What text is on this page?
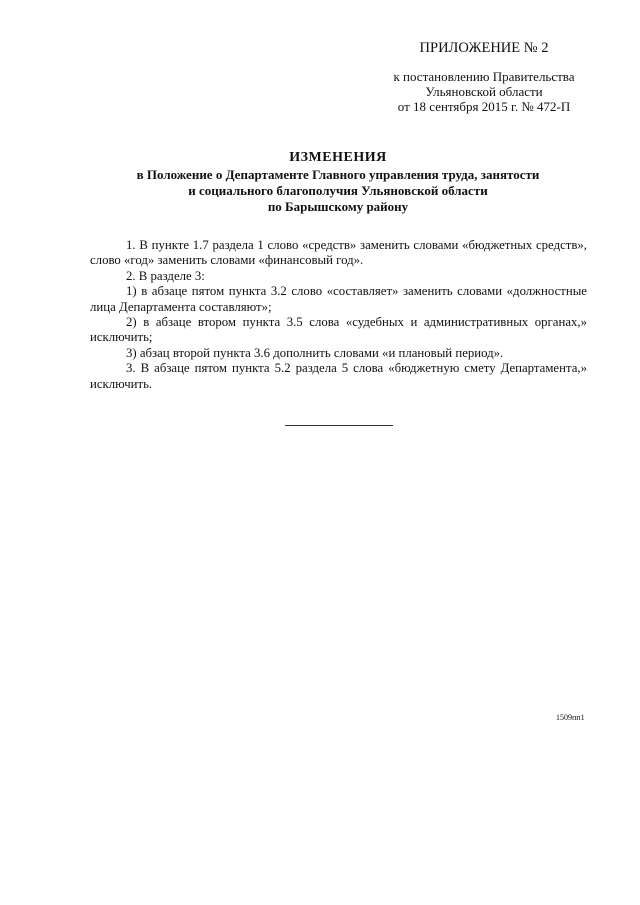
ПРИЛОЖЕНИЕ № 2
к постановлению Правительства
Ульяновской области
от 18 сентября 2015 г. № 472-П
ИЗМЕНЕНИЯ
в Положение о Департаменте Главного управления труда, занятости
и социального благополучия Ульяновской области
по Барышскому району

1. В пункте 1.7 раздела 1 слово «средств» заменить словами «бюджетных средств», слово «год» заменить словами «финансовый год».

2. В разделе 3:

1) в абзаце пятом пункта 3.2 слово «составляет» заменить словами «должностные лица Департамента составляют»;

2) в абзаце втором пункта 3.5 слова «судебных и административных органах,» исключить;

3) абзац второй пункта 3.6 дополнить словами «и плановый период».

3. В абзаце пятом пункта 5.2 раздела 5 слова «бюджетную смету Департамента,» исключить.

1509пп1
